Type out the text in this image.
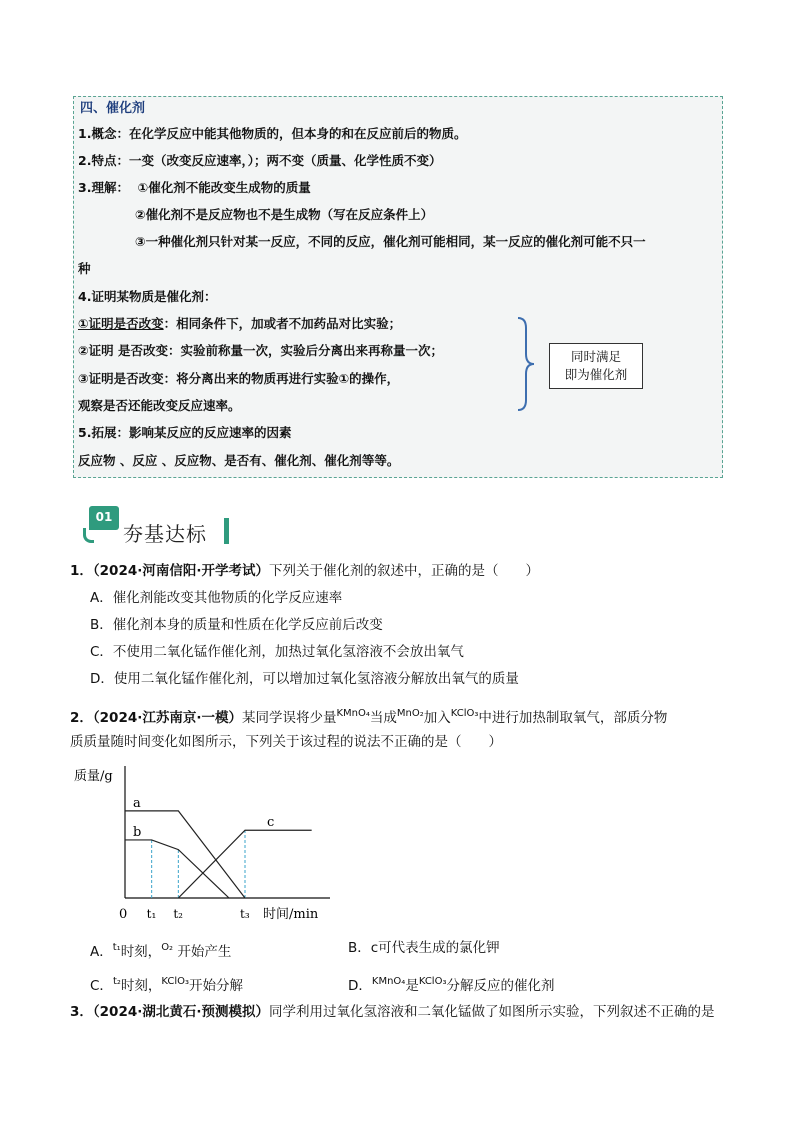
四、催化剂
1.概念：在化学反应中能其他物质的，但本身的和在反应前后的物质。
2.特点：一变（改变反应速率，）；两不变（质量、化学性质不变）
3.理解： ①催化剂不能改变生成物的质量
②催化剂不是反应物也不是生成物（写在反应条件上）
③一种催化剂只针对某一反应，不同的反应，催化剂可能相同，某一反应的催化剂可能不只一
种
4.证明某物质是催化剂：
①证明是否改变：相同条件下，加或者不加药品对比实验；
②证明 是否改变：实验前称量一次，实验后分离出来再称量一次；
③证明是否改变：将分离出来的物质再进行实验①的操作，
观察是否还能改变反应速率。
同时满足
即为催化剂
5.拓展：影响某反应的反应速率的因素
反应物 、反应 、反应物、是否有、催化剂、催化剂等等。
01
夯基达标
1．（2024·河南信阳·开学考试）下列关于催化剂的叙述中，正确的是（　　）
A．催化剂能改变其他物质的化学反应速率
B．催化剂本身的质量和性质在化学反应前后改变
C．不使用二氧化锰作催化剂，加热过氧化氢溶液不会放出氧气
D．使用二氧化锰作催化剂，可以增加过氧化氢溶液分解放出氧气的质量
2．（2024·江苏南京·一模）某同学误将少量$^{KMnO_4}$当成$^{MnO_2}$加入$^{KClO_3}$中进行加热制取氧气，部质分物
质质量随时间变化如图所示，下列关于该过程的说法不正确的是（　　）
质量/g
时间/min
0 t₁ t₂	t₃
a
b
c
A．$^{t_1}$时刻，$^{O_2}$ 开始产生	B．c可代表生成的氯化钾
C．$^{t_2}$时刻，$^{KClO_3}$开始分解	D．$^{KMnO_4}$是$^{KClO_3}$分解反应的催化剂
3．（2024·湖北黄石·预测模拟）同学利用过氧化氢溶液和二氧化锰做了如图所示实验，下列叙述不正确的是
